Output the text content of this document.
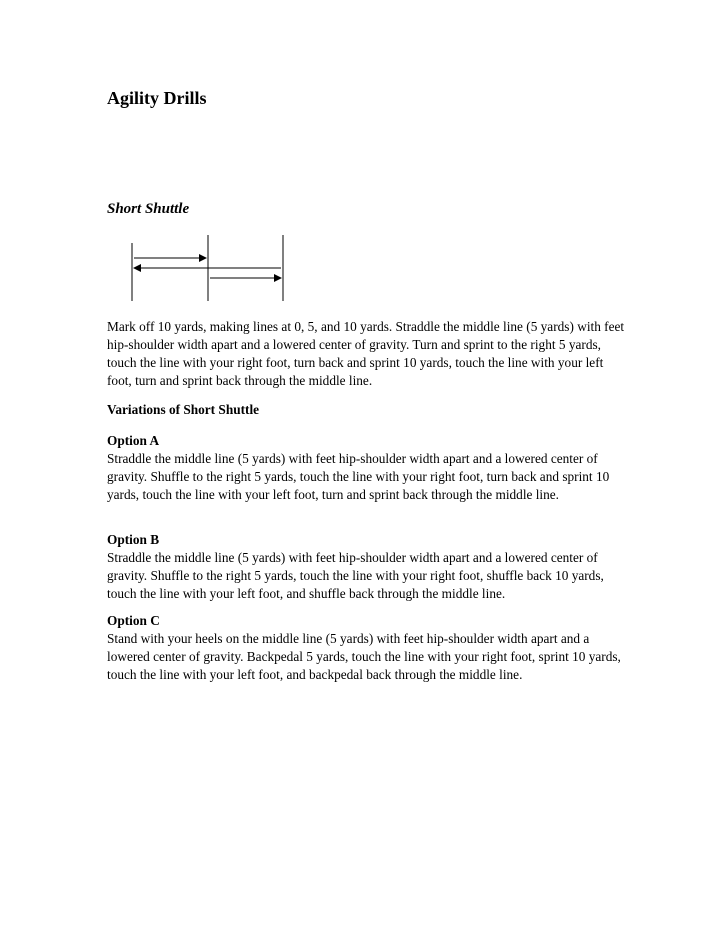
Agility Drills
Short Shuttle

Mark off 10 yards, making lines at 0, 5, and 10 yards. Straddle the middle line (5 yards) with feet hip-shoulder width apart and a lowered center of gravity. Turn and sprint to the right 5 yards, touch the line with your right foot, turn back and sprint 10 yards, touch the line with your left foot, turn and sprint back through the middle line.

Variations of Short Shuttle

Option A
Straddle the middle line (5 yards) with feet hip-shoulder width apart and a lowered center of gravity. Shuffle to the right 5 yards, touch the line with your right foot, turn back and sprint 10 yards, touch the line with your left foot, turn and sprint back through the middle line.
Option B
Straddle the middle line (5 yards) with feet hip-shoulder width apart and a lowered center of gravity. Shuffle to the right 5 yards, touch the line with your right foot, shuffle back 10 yards, touch the line with your left foot, and shuffle back through the middle line.
Option C
Stand with your heels on the middle line (5 yards) with feet hip-shoulder width apart and a lowered center of gravity. Backpedal 5 yards, touch the line with your right foot, sprint 10 yards, touch the line with your left foot, and backpedal back through the middle line.
